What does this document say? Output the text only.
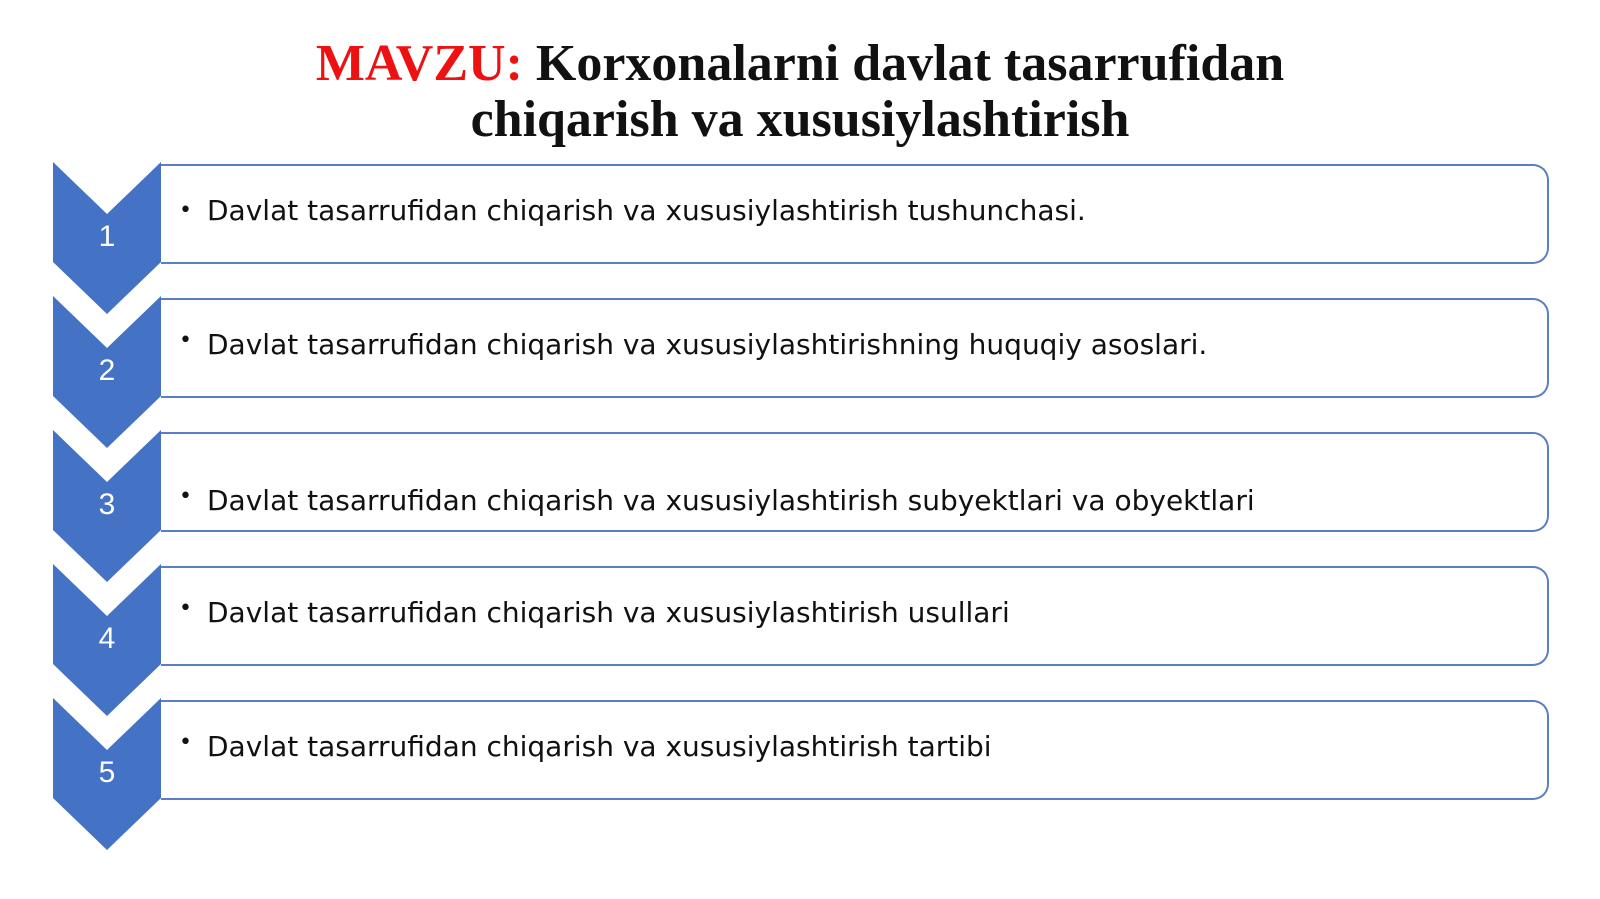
MAVZU: Korxonalarni davlat tasarrufidan
chiqarish va xususiylashtirish
1
• Davlat tasarrufidan chiqarish va xususiylashtirish tushunchasi.
2
• Davlat tasarrufidan chiqarish va xususiylashtirishning huquqiy asoslari.
3	• Davlat tasarrufidan chiqarish va xususiylashtirish subyektlari va obyektlari
4
• Davlat tasarrufidan chiqarish va xususiylashtirish usullari
5
• Davlat tasarrufidan chiqarish va xususiylashtirish tartibi
